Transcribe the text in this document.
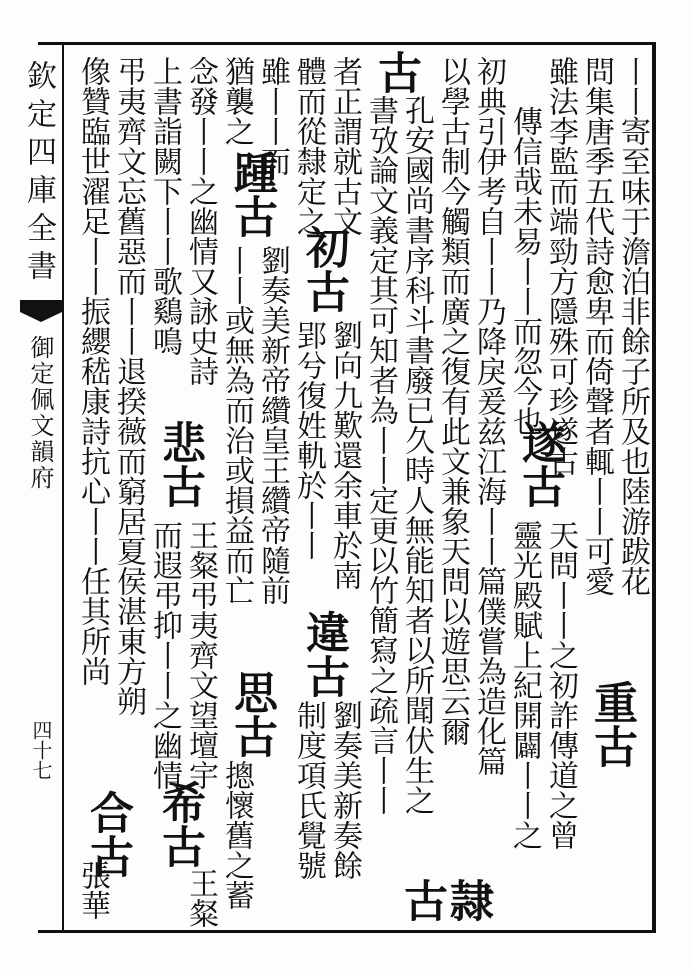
欽定四庫全書
御定佩文韻府
四十七
丨丨寄至味于澹泊非餘子所及也陸游跋花
問集唐季五代詩愈卑而倚聲者輒丨丨可愛
雖法李監而端勁方隱殊可珍遂古
傳信哉未易丨丨而忽今也
靈光殿賦上紀開闢丨丨之 天問丨丨之初詐傳道之曾
初典引伊考自丨丨乃降戾爰兹江海丨丨篇僕嘗為造化篇
以學古制今觸類而廣之復有此文兼象天問以遊思云爾
書攷論文義定其可知者為丨丨定更以竹簡寫之疏言丨丨 孔安國尚書序科斗書廢已久時人無能知者以所聞伏生之
者正謂就古文
劉向九歎還余車於南
體而從隸定之
郢兮復姓軌於丨丨
劉奏美新奏餘
制度項氏覺號
雖丨丨而
劉奏美新帝纘皇王纘帝隨前
丨丨或無為而治或損益而亡
摠懷舊之蓄
猶襲之
念發丨丨之幽情又詠史詩
王粲弔夷齊文望壇宇
而遐弔抑丨丨之幽情
王粲
上書詣闕下丨丨歌鷄鳴
弔夷齊文忘舊惡而丨丨退揆薇而窮居夏侯湛東方朔
像贊臨世濯足丨丨振纓嵇康詩抗心丨丨任其所尚
張華
重古
遂古
隷古
古
初古
違古
踵古
思古
悲古
希古
合古
